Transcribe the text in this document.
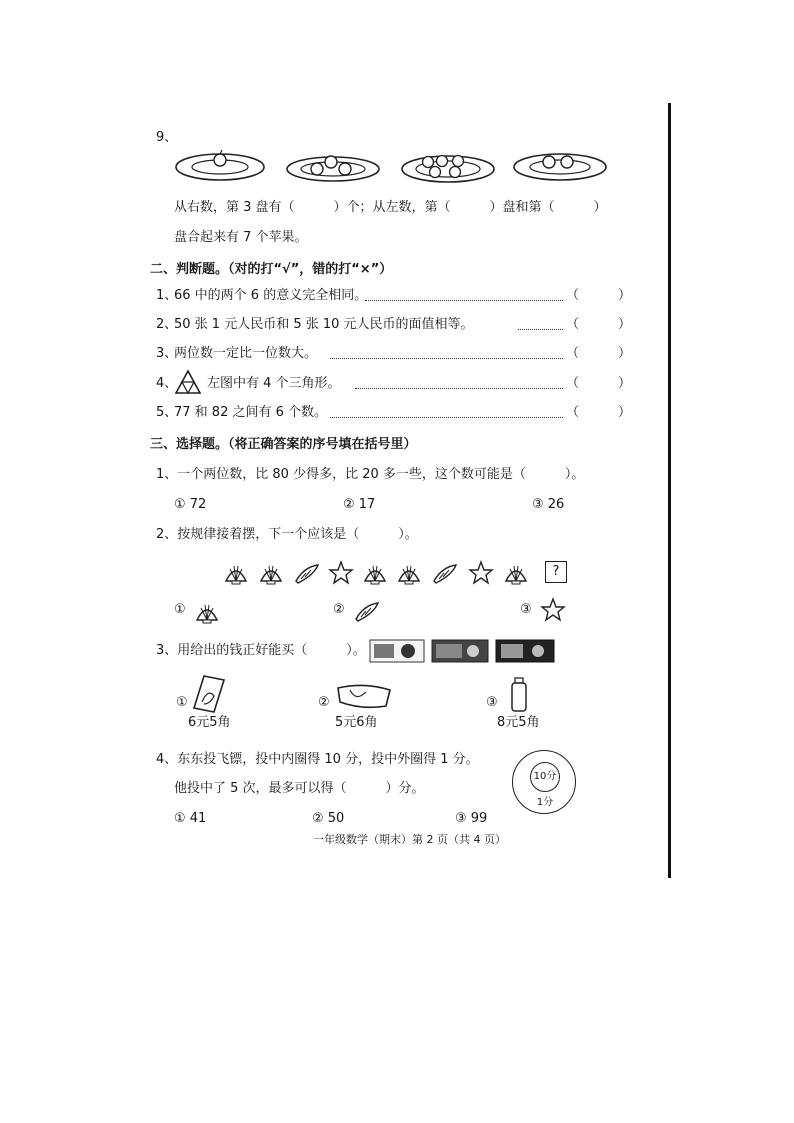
9、
从右数，第 3 盘有（　　　）个；从左数，第（　　　）盘和第（　　　）
盘合起来有 7 个苹果。
二、判断题。（对的打“√”，错的打“×”）
1、
66 中的两个 6 的意义完全相同。	（　　　）
2、
50 张 1 元人民币和 5 张 10 元人民币的面值相等。	（　　　）
3、
两位数一定比一位数大。	（　　　）
4、 左图中有 4 个三角形。	（　　　）
5、
77 和 82 之间有 6 个数。	（　　　）
三、选择题。（将正确答案的序号填在括号里）
1、一个两位数，比 80 少得多，比 20 多一些，这个数可能是（　　　）。
① 72	② 17	③ 26
2、按规律接着摆，下一个应该是（　　　）。
?
①	②	③
3、用给出的钱正好能买（　　　）。
①
6元5角
②
5元6角
③
8元5角
4、东东投飞镖，投中内圈得 10 分，投中外圈得 1 分。
他投中了 5 次，最多可以得（　　　）分。
10分
1分
① 41	② 50	③ 99
一年级数学（期末）第 2 页（共 4 页）
